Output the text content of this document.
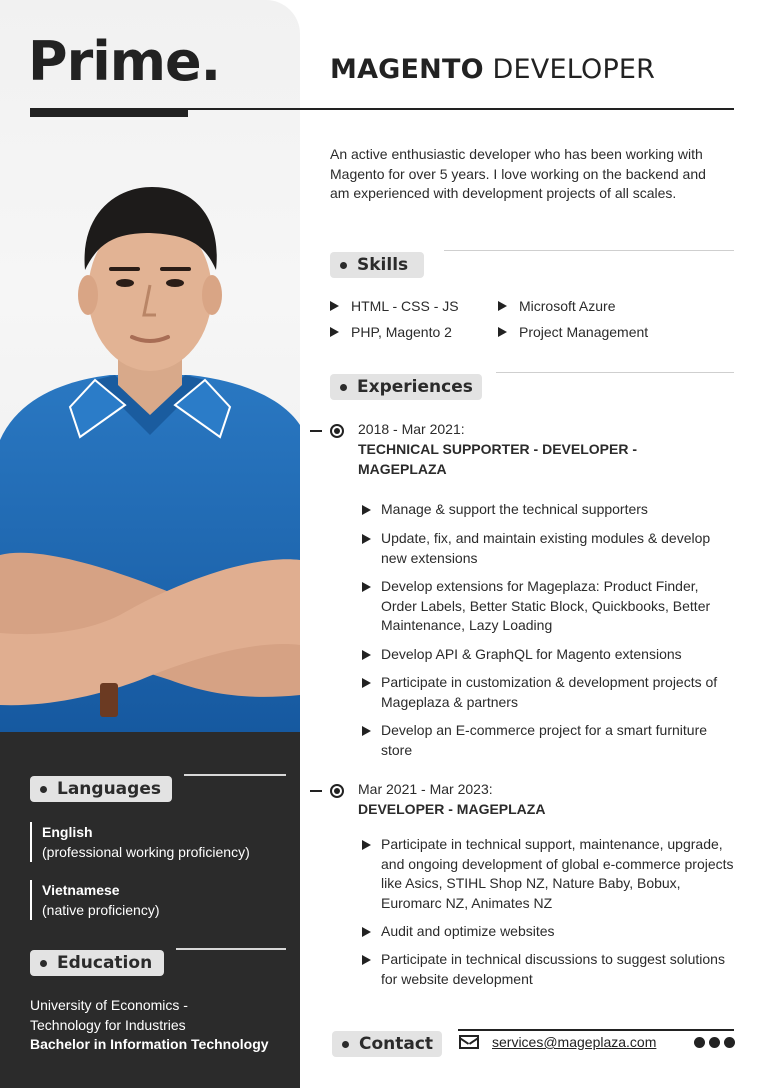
Prime.
Languages
English
(professional working proficiency)
Vietnamese
(native proficiency)
Education
University of Economics -
Technology for Industries
Bachelor in Information Technology
MAGENTO DEVELOPER
An active enthusiastic developer who has been working with Magento for over 5 years. I love working on the backend and am experienced with development projects of all scales.
Skills
HTML - CSS - JS
PHP, Magento 2
Microsoft Azure
Project Management
Experiences
2018 - Mar 2021:
TECHNICAL SUPPORTER - DEVELOPER - MAGEPLAZA
Manage & support the technical supporters
Update, fix, and maintain existing modules & develop new extensions
Develop extensions for Mageplaza: Product Finder, Order Labels, Better Static Block, Quickbooks, Better Maintenance, Lazy Loading
Develop API & GraphQL for Magento extensions
Participate in customization & development projects of Mageplaza & partners
Develop an E-commerce project for a smart furniture store
Mar 2021 - Mar 2023:
DEVELOPER - MAGEPLAZA
Participate in technical support, maintenance, upgrade, and ongoing development of global e-commerce projects like Asics, STIHL Shop NZ, Nature Baby, Bobux, Euromarc NZ, Animates NZ
Audit and optimize websites
Participate in technical discussions to suggest solutions for website development
Contact	services@mageplaza.com
